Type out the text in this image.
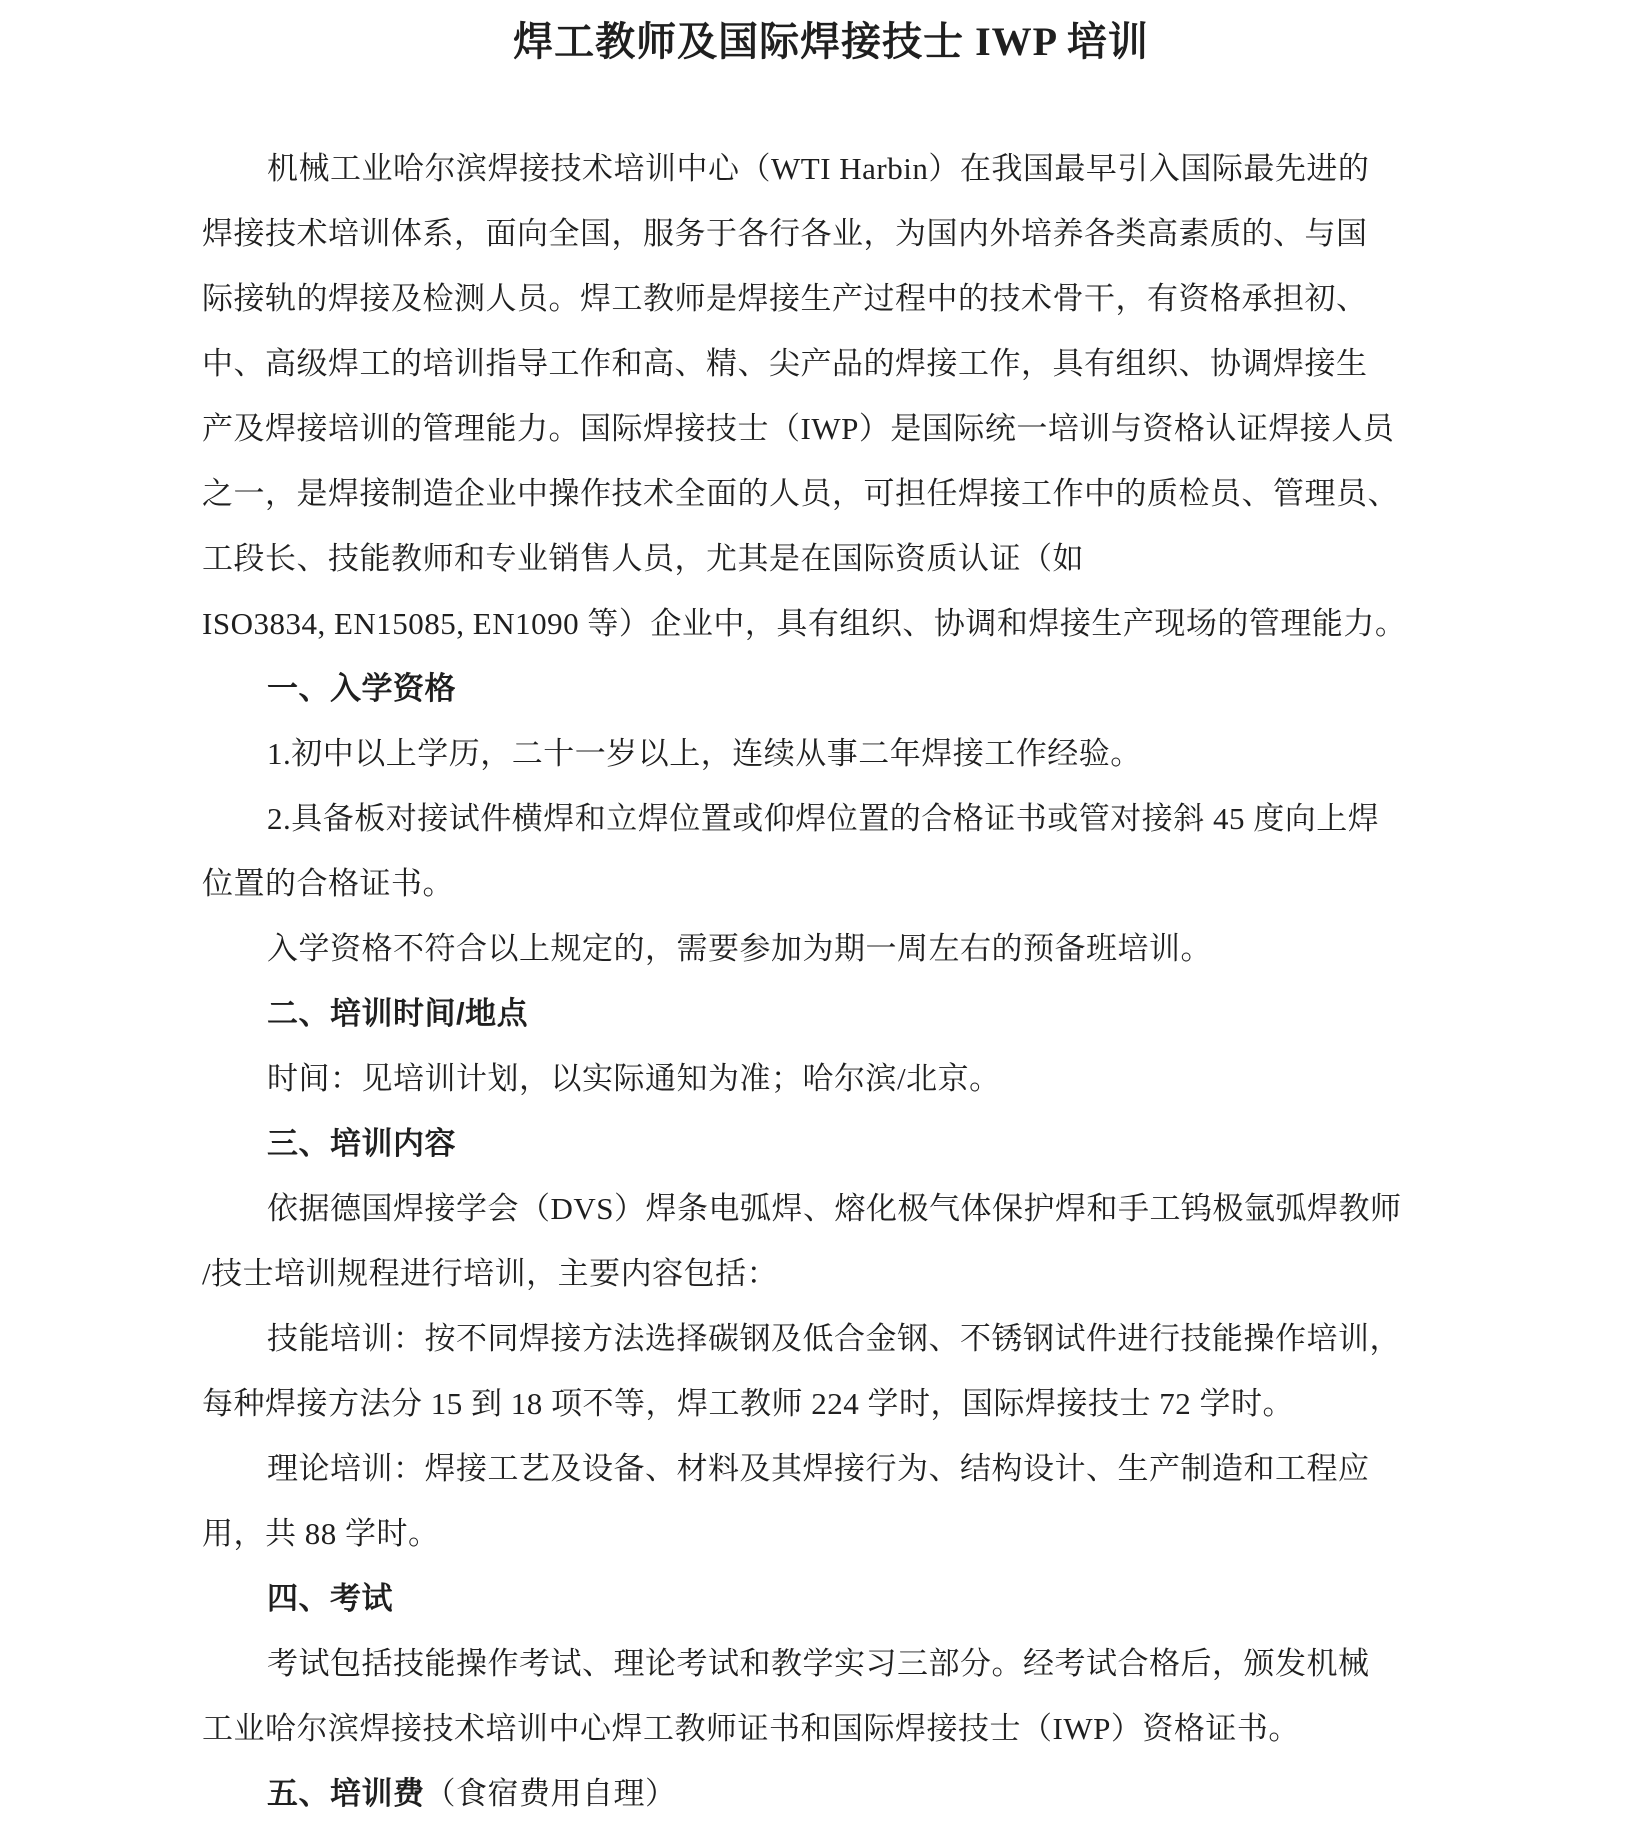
焊工教师及国际焊接技士 IWP 培训
机械工业哈尔滨焊接技术培训中心（WTI Harbin）在我国最早引入国际最先进的
焊接技术培训体系，面向全国，服务于各行各业，为国内外培养各类高素质的、与国
际接轨的焊接及检测人员。焊工教师是焊接生产过程中的技术骨干，有资格承担初、
中、高级焊工的培训指导工作和高、精、尖产品的焊接工作，具有组织、协调焊接生
产及焊接培训的管理能力。国际焊接技士（IWP）是国际统一培训与资格认证焊接人员
之一，是焊接制造企业中操作技术全面的人员，可担任焊接工作中的质检员、管理员、
工段长、技能教师和专业销售人员，尤其是在国际资质认证（如
ISO3834, EN15085, EN1090 等）企业中，具有组织、协调和焊接生产现场的管理能力。
一、入学资格
1.初中以上学历，二十一岁以上，连续从事二年焊接工作经验。
2.具备板对接试件横焊和立焊位置或仰焊位置的合格证书或管对接斜 45 度向上焊
位置的合格证书。
入学资格不符合以上规定的，需要参加为期一周左右的预备班培训。
二、培训时间/地点
时间：见培训计划，以实际通知为准；哈尔滨/北京。
三、培训内容
依据德国焊接学会（DVS）焊条电弧焊、熔化极气体保护焊和手工钨极氩弧焊教师
/技士培训规程进行培训，主要内容包括：
技能培训：按不同焊接方法选择碳钢及低合金钢、不锈钢试件进行技能操作培训，
每种焊接方法分 15 到 18 项不等，焊工教师 224 学时，国际焊接技士 72 学时。
理论培训：焊接工艺及设备、材料及其焊接行为、结构设计、生产制造和工程应
用，共 88 学时。
四、考试
考试包括技能操作考试、理论考试和教学实习三部分。经考试合格后，颁发机械
工业哈尔滨焊接技术培训中心焊工教师证书和国际焊接技士（IWP）资格证书。
五、培训费（食宿费用自理）
